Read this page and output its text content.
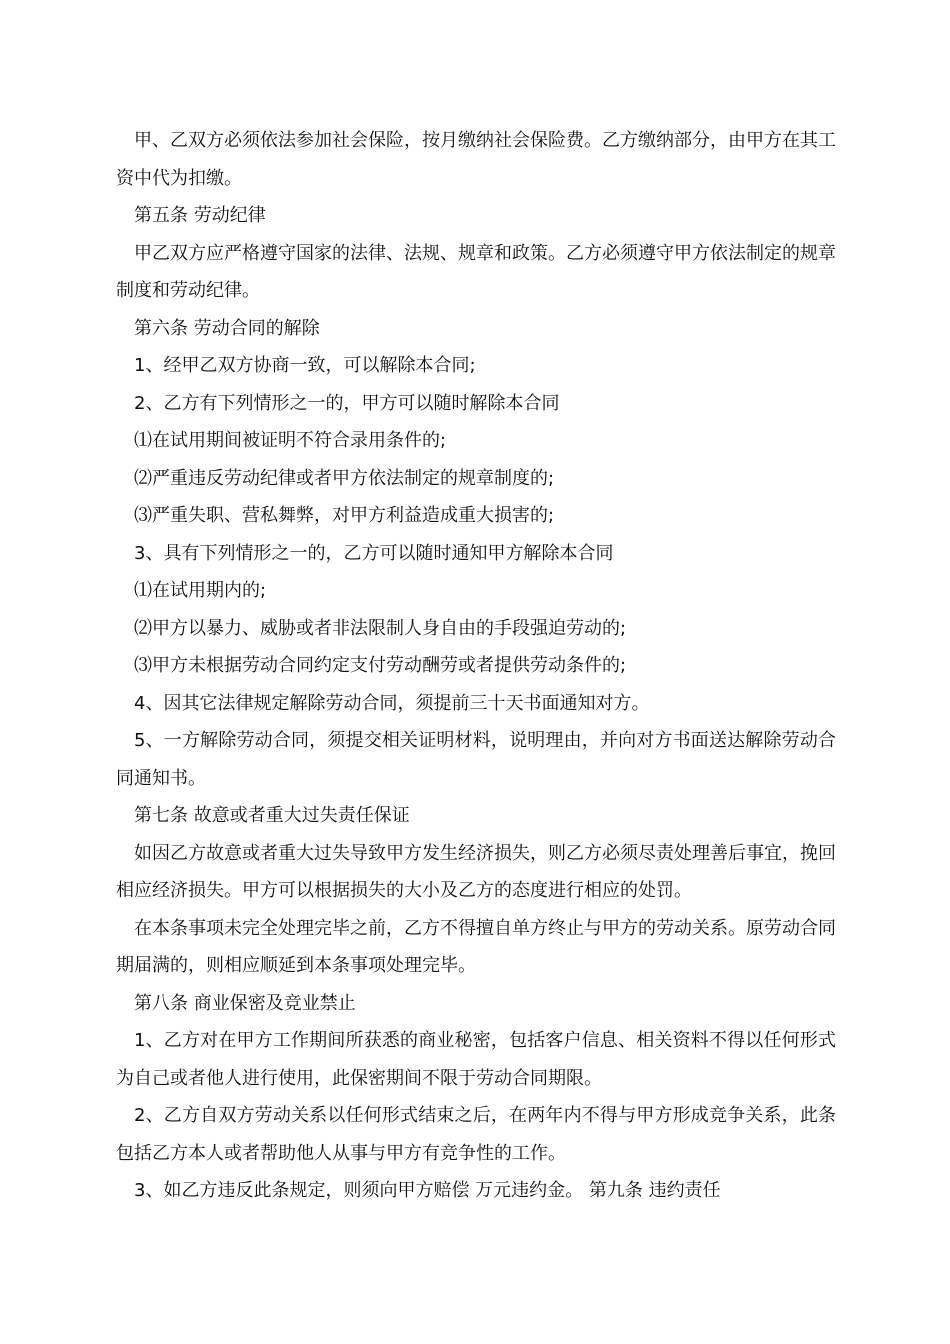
甲、乙双方必须依法参加社会保险，按月缴纳社会保险费。乙方缴纳部分，由甲方在其工资中代为扣缴。

第五条 劳动纪律

甲乙双方应严格遵守国家的法律、法规、规章和政策。乙方必须遵守甲方依法制定的规章制度和劳动纪律。

第六条 劳动合同的解除

1、经甲乙双方协商一致，可以解除本合同;

2、乙方有下列情形之一的，甲方可以随时解除本合同

⑴在试用期间被证明不符合录用条件的;

⑵严重违反劳动纪律或者甲方依法制定的规章制度的;

⑶严重失职、营私舞弊，对甲方利益造成重大损害的;

3、具有下列情形之一的，乙方可以随时通知甲方解除本合同

⑴在试用期内的;

⑵甲方以暴力、威胁或者非法限制人身自由的手段强迫劳动的;

⑶甲方未根据劳动合同约定支付劳动酬劳或者提供劳动条件的;

4、因其它法律规定解除劳动合同，须提前三十天书面通知对方。

5、一方解除劳动合同，须提交相关证明材料，说明理由，并向对方书面送达解除劳动合同通知书。

第七条 故意或者重大过失责任保证

如因乙方故意或者重大过失导致甲方发生经济损失，则乙方必须尽责处理善后事宜，挽回相应经济损失。甲方可以根据损失的大小及乙方的态度进行相应的处罚。

在本条事项未完全处理完毕之前，乙方不得擅自单方终止与甲方的劳动关系。原劳动合同期届满的，则相应顺延到本条事项处理完毕。

第八条 商业保密及竞业禁止

1、乙方对在甲方工作期间所获悉的商业秘密，包括客户信息、相关资料不得以任何形式为自己或者他人进行使用，此保密期间不限于劳动合同期限。

2、乙方自双方劳动关系以任何形式结束之后，在两年内不得与甲方形成竞争关系，此条包括乙方本人或者帮助他人从事与甲方有竞争性的工作。

3、如乙方违反此条规定，则须向甲方赔偿 万元违约金。 第九条 违约责任
